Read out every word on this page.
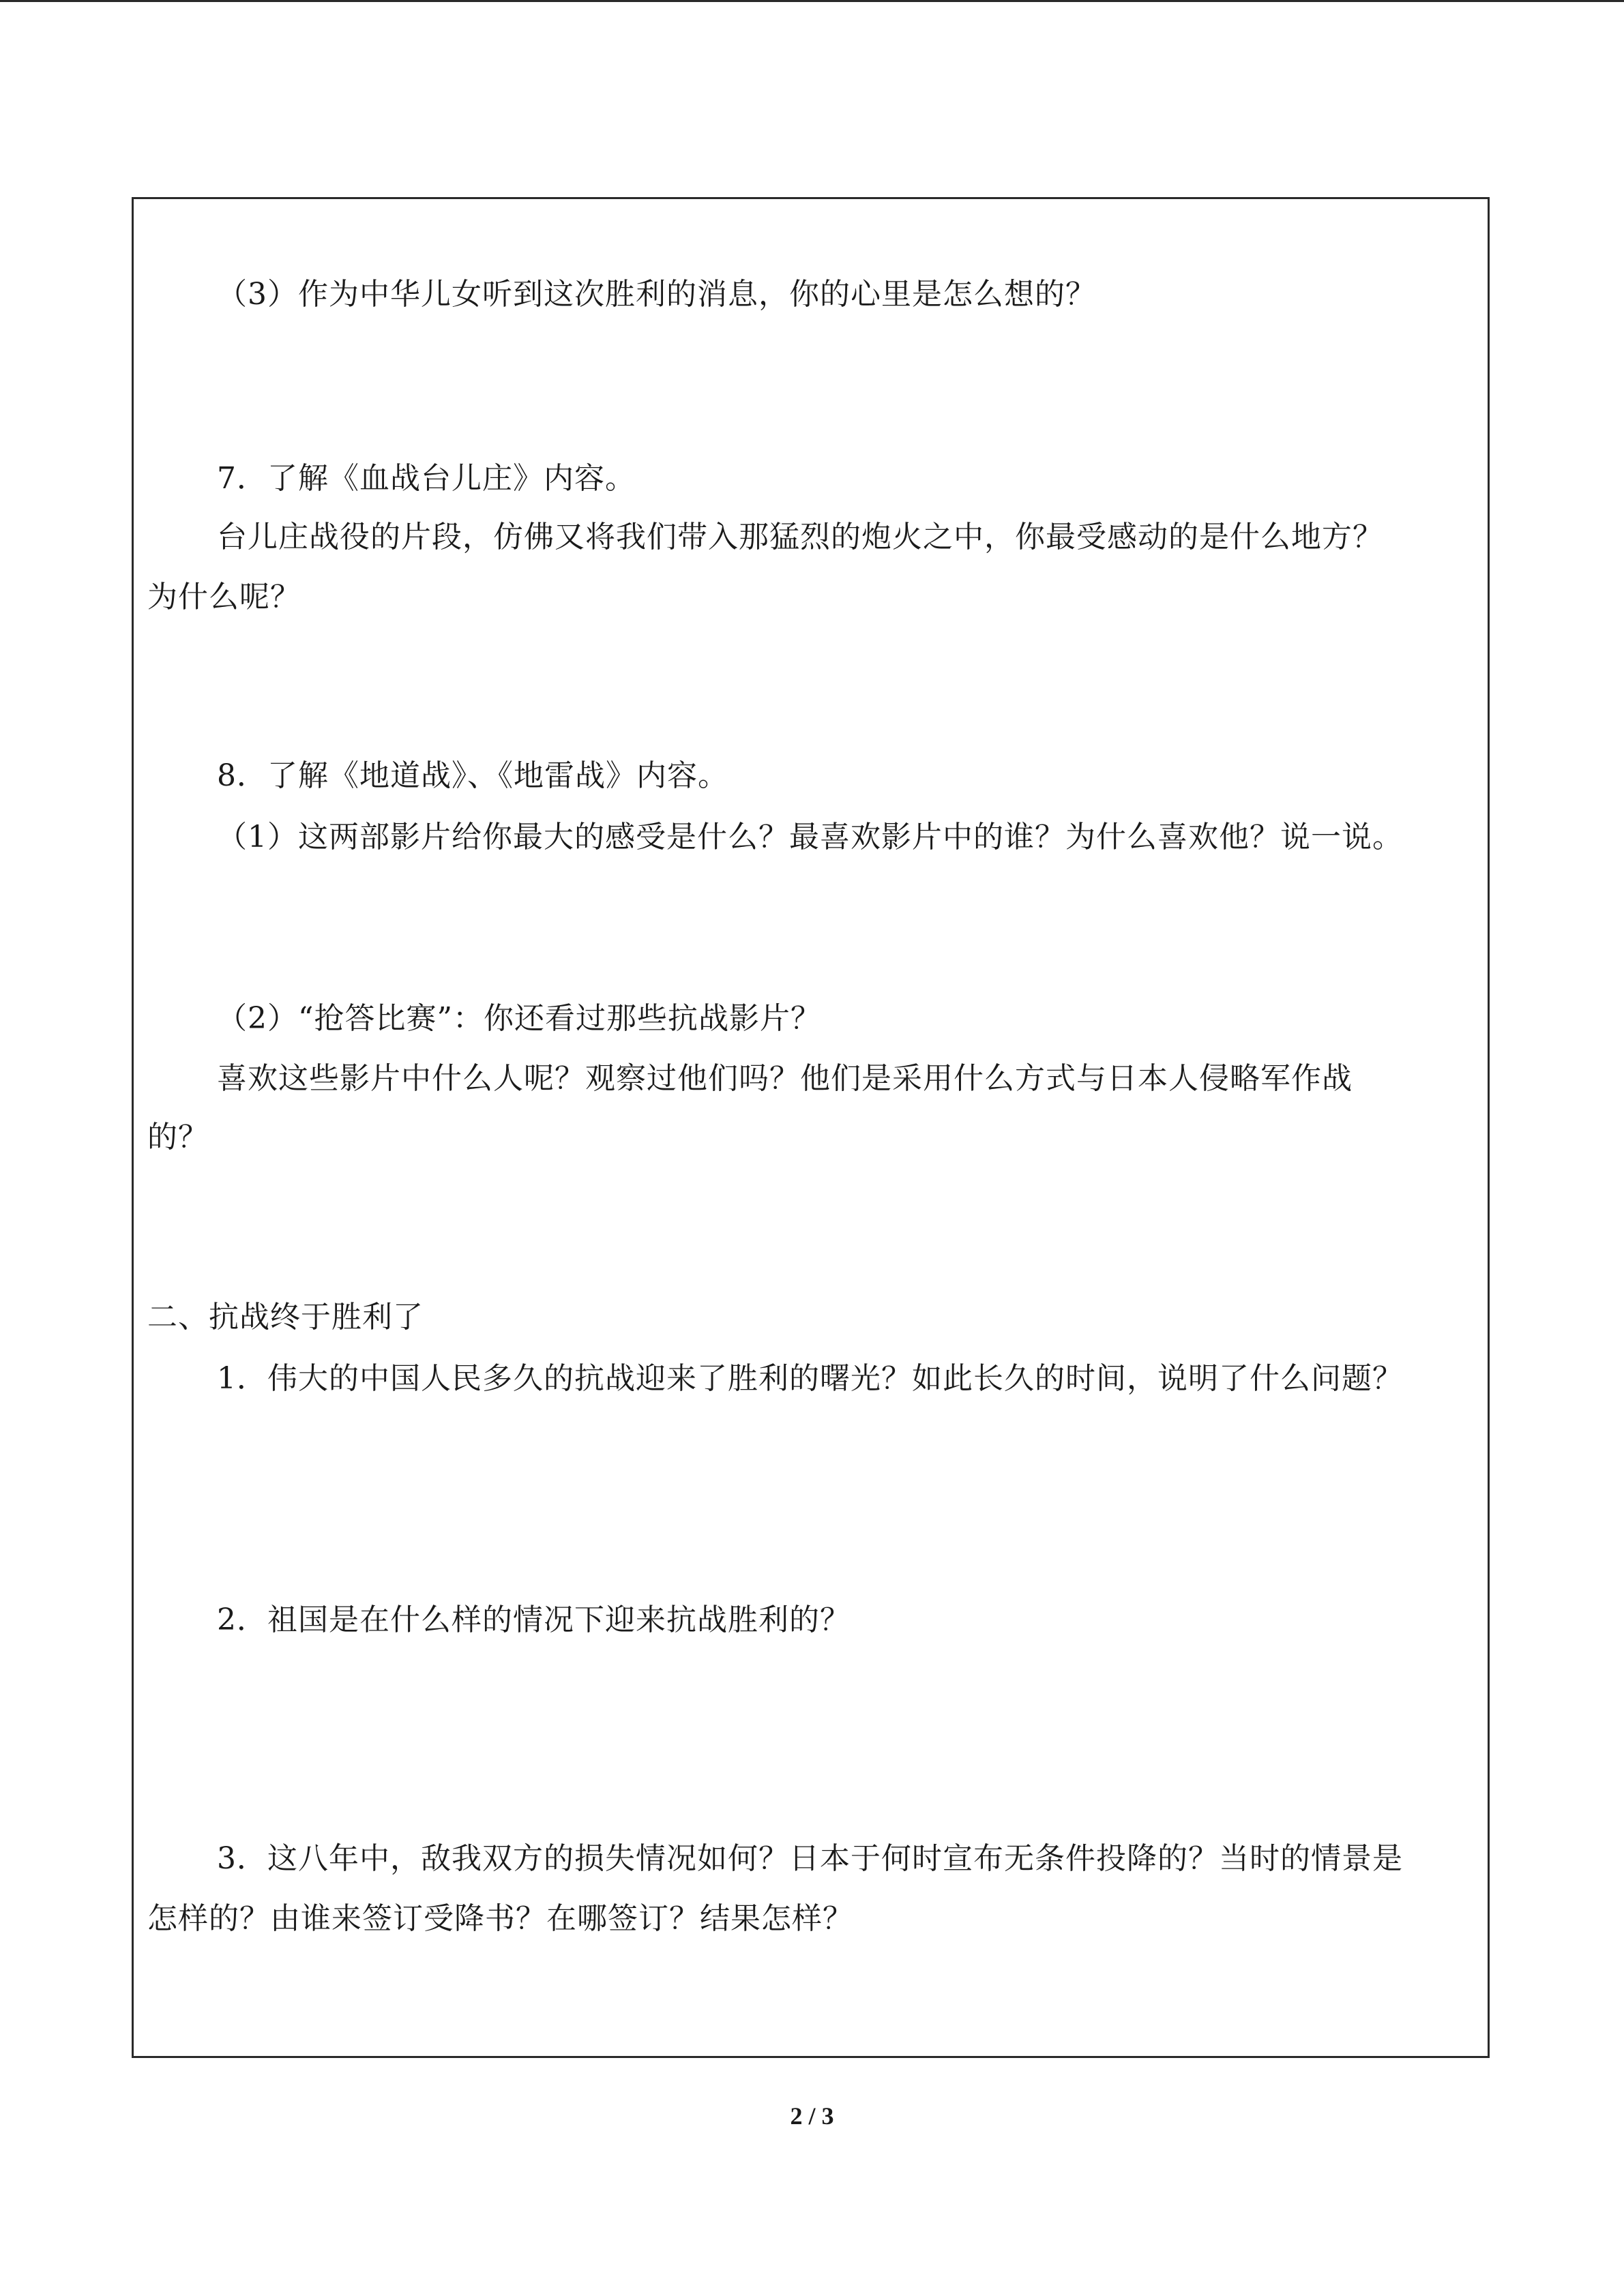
（3）作为中华儿女听到这次胜利的消息，你的心里是怎么想的？
7．了解《血战台儿庄》内容。
台儿庄战役的片段，仿佛又将我们带入那猛烈的炮火之中，你最受感动的是什么地方？
为什么呢？
8．了解《地道战》、《地雷战》内容。
（1）这两部影片给你最大的感受是什么？最喜欢影片中的谁？为什么喜欢他？说一说。
（2）“抢答比赛”：你还看过那些抗战影片？
喜欢这些影片中什么人呢？观察过他们吗？他们是采用什么方式与日本人侵略军作战
的？
二、抗战终于胜利了
1．伟大的中国人民多久的抗战迎来了胜利的曙光？如此长久的时间，说明了什么问题？
2．祖国是在什么样的情况下迎来抗战胜利的？
3．这八年中，敌我双方的损失情况如何？日本于何时宣布无条件投降的？当时的情景是
怎样的？由谁来签订受降书？在哪签订？结果怎样？
2 / 3
